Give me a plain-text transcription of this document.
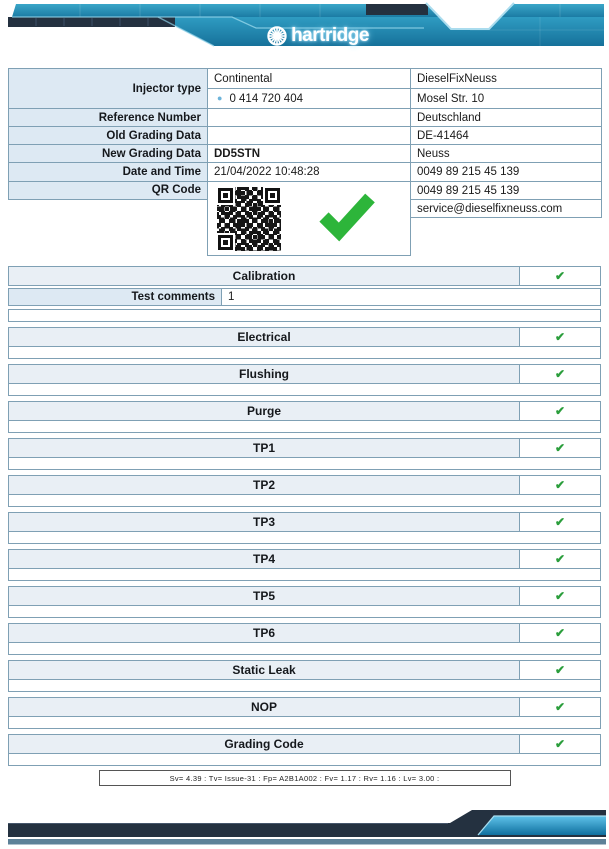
hartridge
Injector type	Continental	DieselFixNeuss
	● 0 414 720 404	Mosel Str. 10
Reference Number		Deutschland
Old Grading Data		DE-41464
New Grading Data	DD5STN	Neuss
Date and Time	21/04/2022 10:48:28	0049 89 215 45 139
QR Code		0049 89 215 45 139
		service@dieselfixneuss.com

Calibration	✔
Test comments	1
Electrical	✔
Flushing	✔
Purge	✔
TP1	✔
TP2	✔
TP3	✔
TP4	✔
TP5	✔
TP6	✔
Static Leak	✔
NOP	✔
Grading Code	✔
Sv= 4.39 : Tv= Issue-31 : Fp= A2B1A002 : Fv= 1.17 : Rv= 1.16 : Lv= 3.00 :
